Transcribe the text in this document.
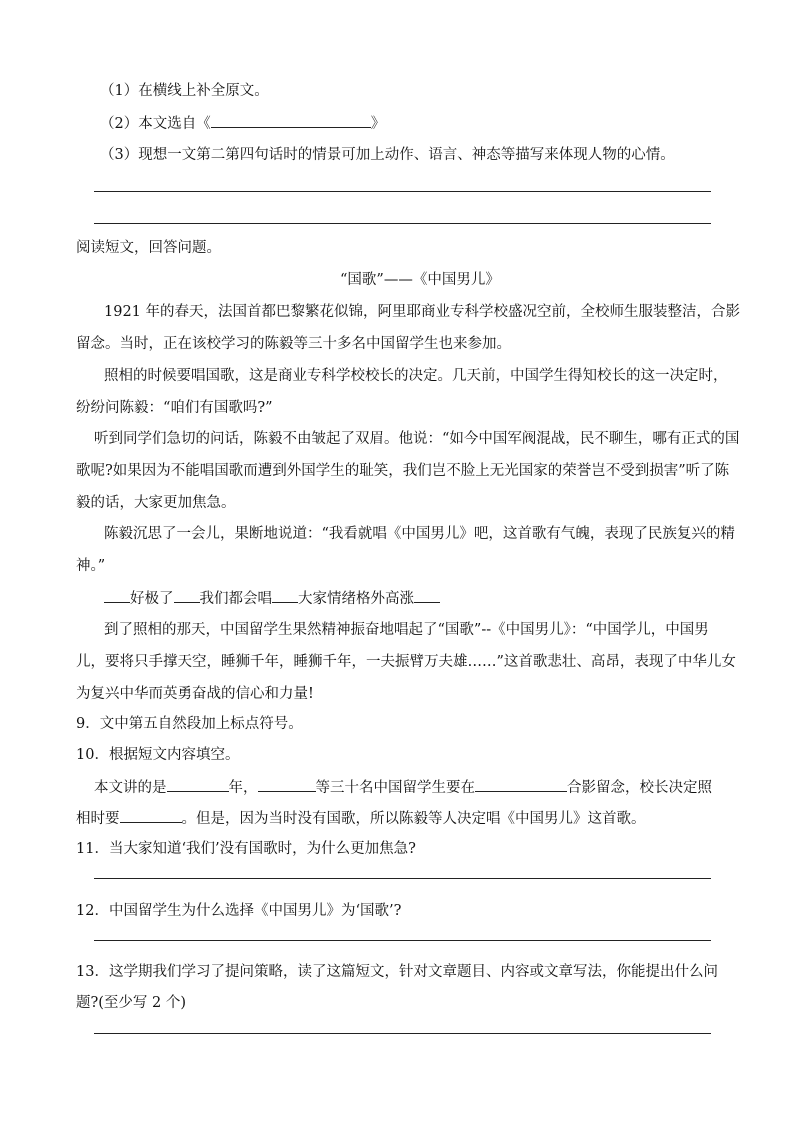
（1）在横线上补全原文。
（2）本文选自《	》
（3）现想一文第二第四句话时的情景可加上动作、语言、神态等描写来体现人物的心情。
阅读短文，回答问题。
“国歌”——《中国男儿》
1921 年的春天，法国首都巴黎繁花似锦，阿里耶商业专科学校盛况空前，全校师生服装整洁，合影
留念。当时，正在该校学习的陈毅等三十多名中国留学生也来参加。
照相的时候要唱国歌，这是商业专科学校校长的决定。几天前，中国学生得知校长的这一决定时，
纷纷问陈毅：“咱们有国歌吗?”
听到同学们急切的问话，陈毅不由皱起了双眉。他说：“如今中国军阀混战，民不聊生，哪有正式的国
歌呢?如果因为不能唱国歌而遭到外国学生的耻笑，我们岂不脸上无光国家的荣誉岂不受到损害”听了陈
毅的话，大家更加焦急。
陈毅沉思了一会儿，果断地说道：“我看就唱《中国男儿》吧，这首歌有气魄，表现了民族复兴的精
神。”
好极了 我们都会唱 大家情绪格外高涨
到了照相的那天，中国留学生果然精神振奋地唱起了“国歌”--《中国男儿》：“中国学儿，中国男
儿，要将只手撑天空，睡狮千年，睡狮千年，一夫振臂万夫雄……”这首歌悲壮、高昂，表现了中华儿女
为复兴中华而英勇奋战的信心和力量!
9．文中第五自然段加上标点符号。
10．根据短文内容填空。
本文讲的是	年，	等三十名中国留学生要在	合影留念，校长决定照
相时要	。但是，因为当时没有国歌，所以陈毅等人决定唱《中国男儿》这首歌。
11．当大家知道‘我们’没有国歌时，为什么更加焦急?
12．中国留学生为什么选择《中国男儿》为‘国歌’?
13．这学期我们学习了提问策略，读了这篇短文，针对文章题目、内容或文章写法，你能提出什么问
题?(至少写 2 个)
